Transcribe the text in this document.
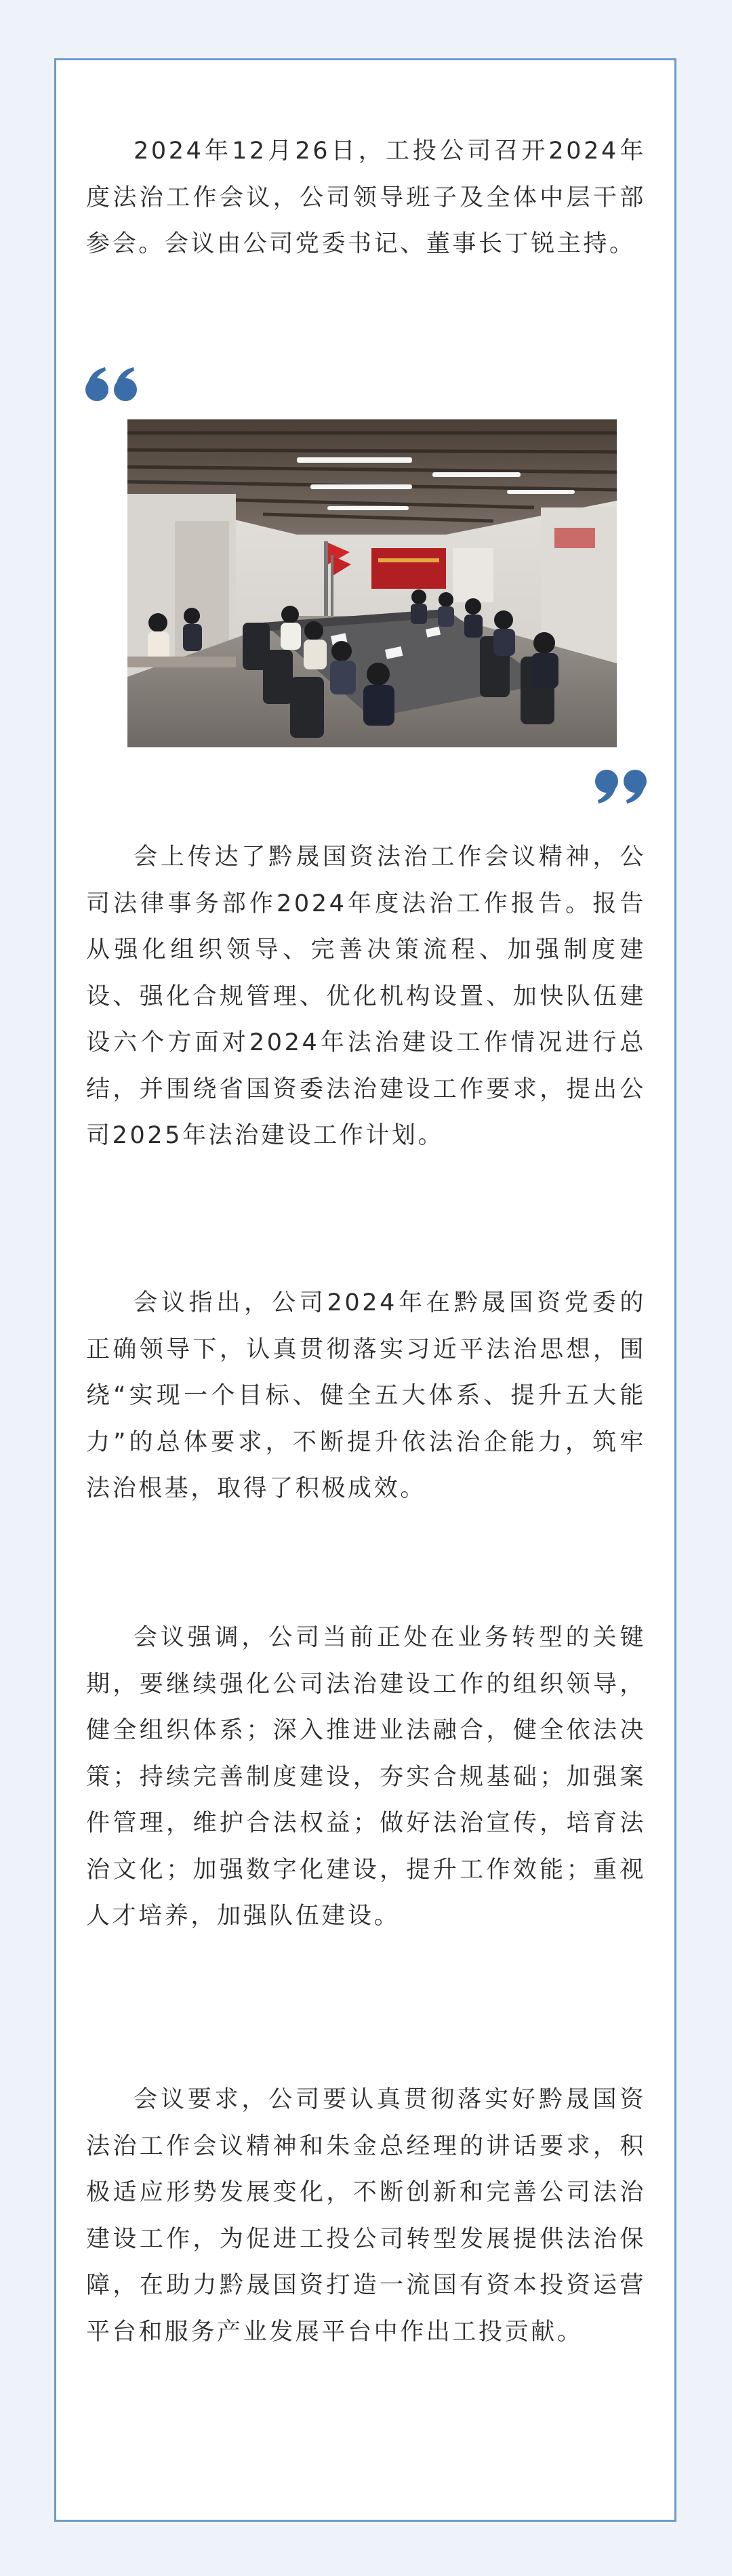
2024年12月26日，工投公司召开2024年度法治工作会议，公司领导班子及全体中层干部参会。会议由公司党委书记、董事长丁锐主持。

会上传达了黔晟国资法治工作会议精神，公司法律事务部作2024年度法治工作报告。报告从强化组织领导、完善决策流程、加强制度建设、强化合规管理、优化机构设置、加快队伍建设六个方面对2024年法治建设工作情况进行总结，并围绕省国资委法治建设工作要求，提出公司2025年法治建设工作计划。

会议指出，公司2024年在黔晟国资党委的正确领导下，认真贯彻落实习近平法治思想，围绕“实现一个目标、健全五大体系、提升五大能力”的总体要求，不断提升依法治企能力，筑牢法治根基，取得了积极成效。

会议强调，公司当前正处在业务转型的关键期，要继续强化公司法治建设工作的组织领导，健全组织体系；深入推进业法融合，健全依法决策；持续完善制度建设，夯实合规基础；加强案件管理，维护合法权益；做好法治宣传，培育法治文化；加强数字化建设，提升工作效能；重视人才培养，加强队伍建设。

会议要求，公司要认真贯彻落实好黔晟国资法治工作会议精神和朱金总经理的讲话要求，积极适应形势发展变化，不断创新和完善公司法治建设工作，为促进工投公司转型发展提供法治保障，在助力黔晟国资打造一流国有资本投资运营平台和服务产业发展平台中作出工投贡献。
